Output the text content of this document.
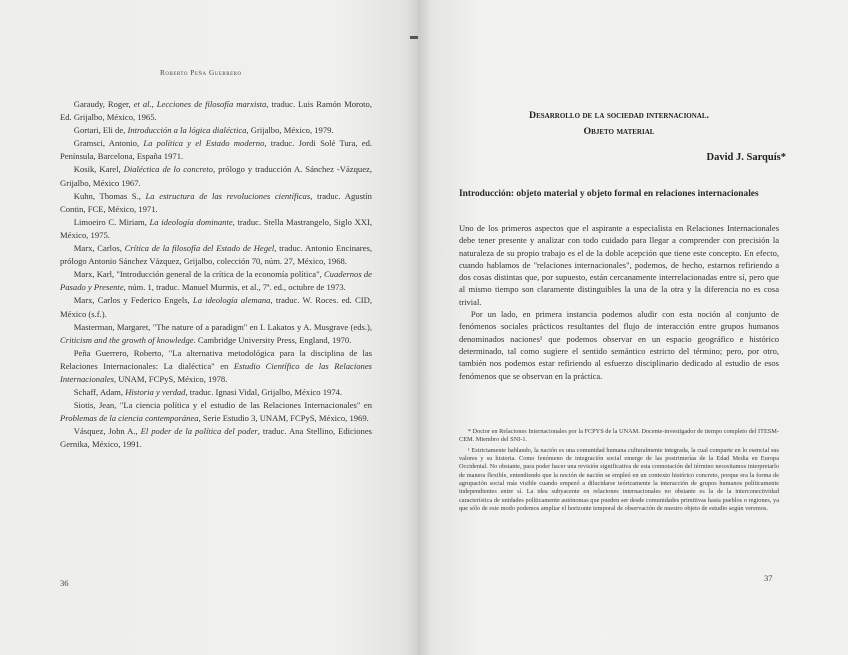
Roberto Peña Guerrero

Garaudy, Roger, et al., Lecciones de filosofía marxista, traduc. Luis Ramón Moroto, Ed. Grijalbo, México, 1965.

Gortari, Eli de, Introducción a la lógica dialéctica, Grijalbo, México, 1979.

Gramsci, Antonio, La política y el Estado moderno, traduc. Jordi Solé Tura, ed. Península, Barcelona, España 1971.

Kosik, Karel, Dialéctica de lo concreto, prólogo y traducción A. Sánchez -Vázquez, Grijalbo, México 1967.

Kuhn, Thomas S., La estructura de las revoluciones científicas, traduc. Agustín Contin, FCE, México, 1971.

Limoeiro C. Miriam, La ideología dominante, traduc. Stella Mastrangelo, Siglo XXI, México, 1975.

Marx, Carlos, Crítica de la filosofía del Estado de Hegel, traduc. Antonio Encinares, prólogo Antonio Sánchez Vázquez, Grijalbo, colección 70, núm. 27, México, 1968.

Marx, Karl, "Introducción general de la crítica de la economía política", Cuadernos de Pasado y Presente, núm. 1, traduc. Manuel Murmis, et al., 7ª. ed., octubre de 1973.

Marx, Carlos y Federico Engels, La ideología alemana, traduc. W. Roces. ed. CID, México (s.f.).

Masterman, Margaret, "The nature of a paradigm" en I. Lakatos y A. Musgrave (eds.), Criticism and the growth of knowledge. Cambridge University Press, England, 1970.

Peña Guerrero, Roberto, "La alternativa metodológica para la disciplina de las Relaciones Internacionales: La dialéctica" en Estudio Científico de las Relaciones Internacionales, UNAM, FCPyS, México, 1978.

Schaff, Adam, Historia y verdad, traduc. Ignasi Vidal, Grijalbo, México 1974.

Siotis, Jean, "La ciencia política y el estudio de las Relaciones Internacionales" en Problemas de la ciencia contemporánea, Serie Estudio 3, UNAM, FCPyS, México, 1969.

Vásquez, John A., El poder de la política del poder, traduc. Ana Stellino, Ediciones Gernika, México, 1991.

36
Desarrollo de la sociedad internacional.
Objeto material
David J. Sarquís*
Introducción: objeto material y objeto formal en relaciones internacionales

Uno de los primeros aspectos que el aspirante a especialista en Relaciones Internacionales debe tener presente y analizar con todo cuidado para llegar a comprender con precisión la naturaleza de su propio trabajo es el de la doble acepción que tiene este concepto. En efecto, cuando hablamos de "relaciones internacionales", podemos, de hecho, estarnos refiriendo a dos cosas distintas que, por supuesto, están cercanamente interrelacionadas entre sí, pero que al mismo tiempo son claramente distinguibles la una de la otra y la diferencia no es cosa trivial.

Por un lado, en primera instancia podemos aludir con esta noción al conjunto de fenómenos sociales prácticos resultantes del flujo de interacción entre grupos humanos denominados naciones¹ que podemos observar en un espacio geográfico e histórico determinado, tal como sugiere el sentido semántico estricto del término; pero, por otro, también nos podemos estar refiriendo al esfuerzo disciplinario dedicado al estudio de esos fenómenos que se observan en la práctica.

* Doctor en Relaciones Internacionales por la FCPYS de la UNAM. Docente-investigador de tiempo completo del ITESM-CEM. Miembro del SNI-1.

¹ Estrictamente hablando, la nación es una comunidad humana culturalmente integrada, la cual comparte en lo esencial sus valores y su historia. Como fenómeno de integración social emerge de las postrimerías de la Edad Media en Europa Occidental. No obstante, para poder hacer una revisión significativa de esta connotación del término necesitamos interpretarlo de manera flexible, entendiendo que la noción de nación se empleó en un contexto histórico concreto, porque era la forma de agrupación social más visible cuando empezó a dilucidarse teóricamente la interacción de grupos humanos políticamente independientes entre sí. La idea subyacente en relaciones internacionales no obstante es la de la interconectividad característica de unidades políticamente autónomas que pueden ser desde comunidades primitivas hasta pueblos o regiones, ya que sólo de este modo podemos ampliar el horizonte temporal de observación de nuestro objeto de estudio según veremos.

37
